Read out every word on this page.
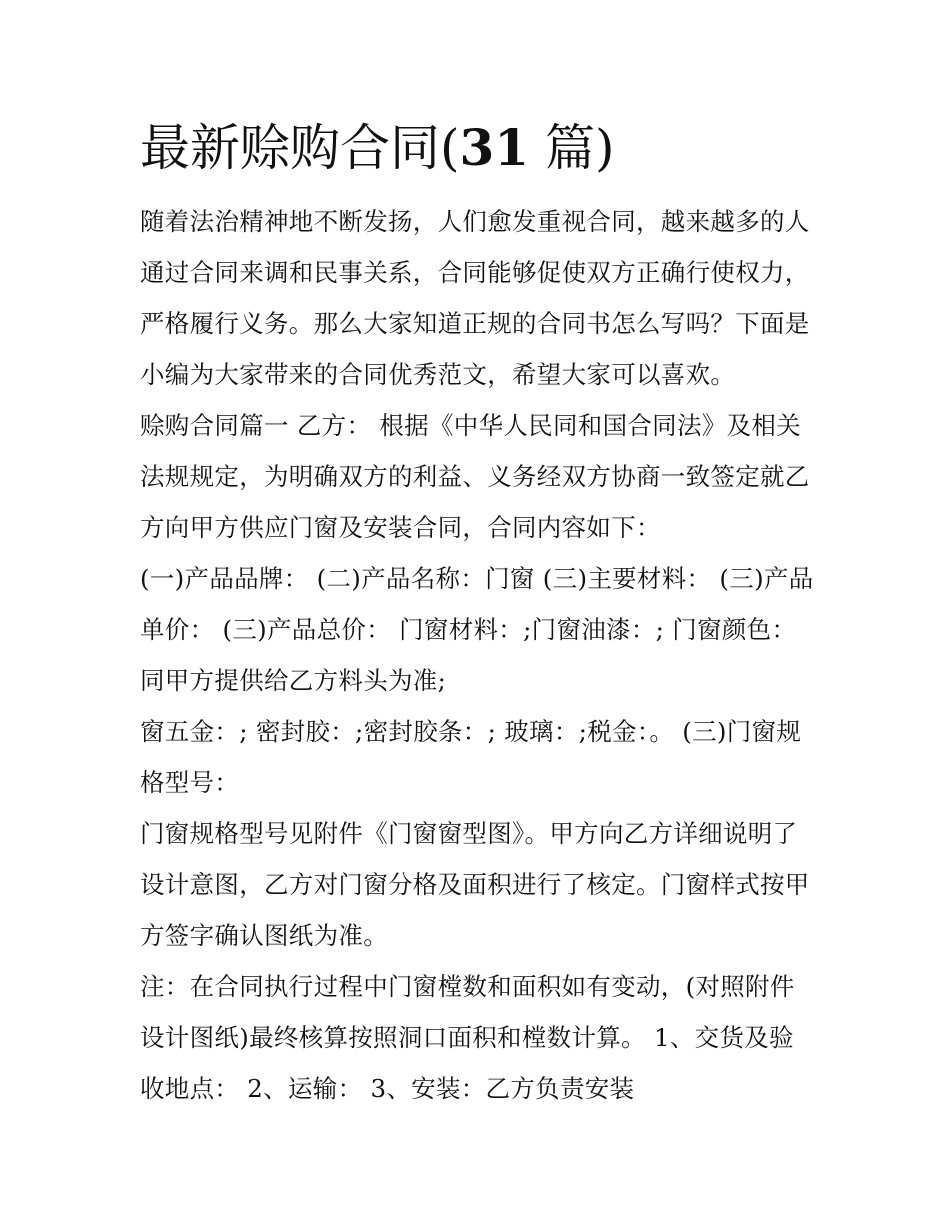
最新赊购合同(31 篇)
随着法治精神地不断发扬，人们愈发重视合同，越来越多的人
通过合同来调和民事关系，合同能够促使双方正确行使权力，
严格履行义务。那么大家知道正规的合同书怎么写吗？下面是
小编为大家带来的合同优秀范文，希望大家可以喜欢。
赊购合同篇一 乙方： 根据《中华人民同和国合同法》及相关
法规规定，为明确双方的利益、义务经双方协商一致签定就乙
方向甲方供应门窗及安装合同，合同内容如下：
(一)产品品牌： (二)产品名称：门窗 (三)主要材料： (三)产品
单价： (三)产品总价： 门窗材料：;门窗油漆：; 门窗颜色：
同甲方提供给乙方料头为准;
窗五金：; 密封胶：;密封胶条：; 玻璃：;税金：。 (三)门窗规
格型号：
门窗规格型号见附件《门窗窗型图》。甲方向乙方详细说明了
设计意图，乙方对门窗分格及面积进行了核定。门窗样式按甲
方签字确认图纸为准。
注：在合同执行过程中门窗樘数和面积如有变动，(对照附件
设计图纸)最终核算按照洞口面积和樘数计算。 1、交货及验
收地点： 2、运输： 3、安装：乙方负责安装
